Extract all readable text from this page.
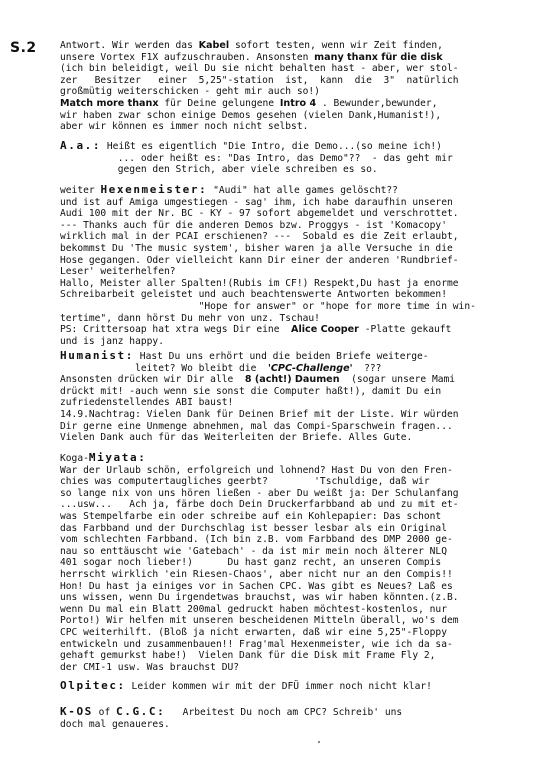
S.2 Antwort. Wir werden das Kabel sofort testen, wenn wir Zeit finden,
unsere Vortex F1X aufzuschrauben. Ansonsten many thanx für die disk
(ich bin beleidigt, weil Du sie nicht behalten hast - aber, wer stol-
zer   Besitzer   einer  5,25"-station  ist,  kann  die  3"  natürlich
großmütig weiterschicken - geht mir auch so!)
Match more thanx für Deine gelungene Intro 4 . Bewunder,bewunder,
wir haben zwar schon einige Demos gesehen (vielen Dank,Humanist!),
aber wir können es immer noch nicht selbst.
A.a.: Heißt es eigentlich "Die Intro, die Demo...(so meine ich!)
... oder heißt es: "Das Intro, das Demo"??  - das geht mir
gegen den Strich, aber viele schreiben es so.
weiter Hexenmeister: "Audi" hat alle games gelöscht??
und ist auf Amiga umgestiegen - sag' ihm, ich habe daraufhin unseren
Audi 100 mit der Nr. BC - KY - 97 sofort abgemeldet und verschrottet.
--- Thanks auch für die anderen Demos bzw. Proggys - ist 'Komacopy'
wirklich mal in der PCAI erschienen? ---  Sobald es die Zeit erlaubt,
bekommst Du 'The music system', bisher waren ja alle Versuche in die
Hose gegangen. Oder vielleicht kann Dir einer der anderen 'Rundbrief-
Leser' weiterhelfen?
Hallo, Meister aller Spalten!(Rubis im CF!) Respekt,Du hast ja enorme
Schreibarbeit geleistet und auch beachtenswerte Antworten bekommen!
"Hope for answer" or "hope for more time in win-
tertime", dann hörst Du mehr von unz. Tschau!
PS: Crittersoap hat xtra wegs Dir eine  Alice Cooper -Platte gekauft
und is janz happy.
Humanist: Hast Du uns erhört und die beiden Briefe weiterge-
leitet? Wo bleibt die  'CPC-Challenge'  ???
Ansonsten drücken wir Dir alle  8 (acht!) Daumen  (sogar unsere Mami
drückt mit! -auch wenn sie sonst die Computer haßt!), damit Du ein
zufriedenstellendes ABI baust!
14.9.Nachtrag: Vielen Dank für Deinen Brief mit der Liste. Wir würden
Dir gerne eine Unmenge abnehmen, mal das Compi-Sparschwein fragen...
Vielen Dank auch für das Weiterleiten der Briefe. Alles Gute.
Koga-Miyata:
War der Urlaub schön, erfolgreich und lohnend? Hast Du von den Fren-
chies was computertaugliches geerbt?        'Tschuldige, daß wir
so lange nix von uns hören ließen - aber Du weißt ja: Der Schulanfang
...usw...   Ach ja, färbe doch Dein Druckerfarbband ab und zu mit et-
was Stempelfarbe ein oder schreibe auf ein Kohlepapier: Das schont
das Farbband und der Durchschlag ist besser lesbar als ein Original
vom schlechten Farbband. (Ich bin z.B. vom Farbband des DMP 2000 ge-
nau so enttäuscht wie 'Gatebach' - da ist mir mein noch älterer NLQ
401 sogar noch lieber!)      Du hast ganz recht, an unseren Compis
herrscht wirklich 'ein Riesen-Chaos', aber nicht nur an den Compis!!
Hon! Du hast ja einiges vor in Sachen CPC. Was gibt es Neues? Laß es
uns wissen, wenn Du irgendetwas brauchst, was wir haben könnten.(z.B.
wenn Du mal ein Blatt 200mal gedruckt haben möchtest-kostenlos, nur
Porto!) Wir helfen mit unseren bescheidenen Mitteln überall, wo's dem
CPC weiterhilft. (Bloß ja nicht erwarten, daß wir eine 5,25"-Floppy
entwickeln und zusammenbauen!! Frag'mal Hexenmeister, wie ich da sa-
gehaft gemurkst habe!)  Vielen Dank für die Disk mit Frame Fly 2,
der CMI-1 usw. Was brauchst DU?
Olpitec: Leider kommen wir mit der DFÜ immer noch nicht klar!
K-OS of C.G.C:   Arbeitest Du noch am CPC? Schreib' uns
doch mal genaueres.
